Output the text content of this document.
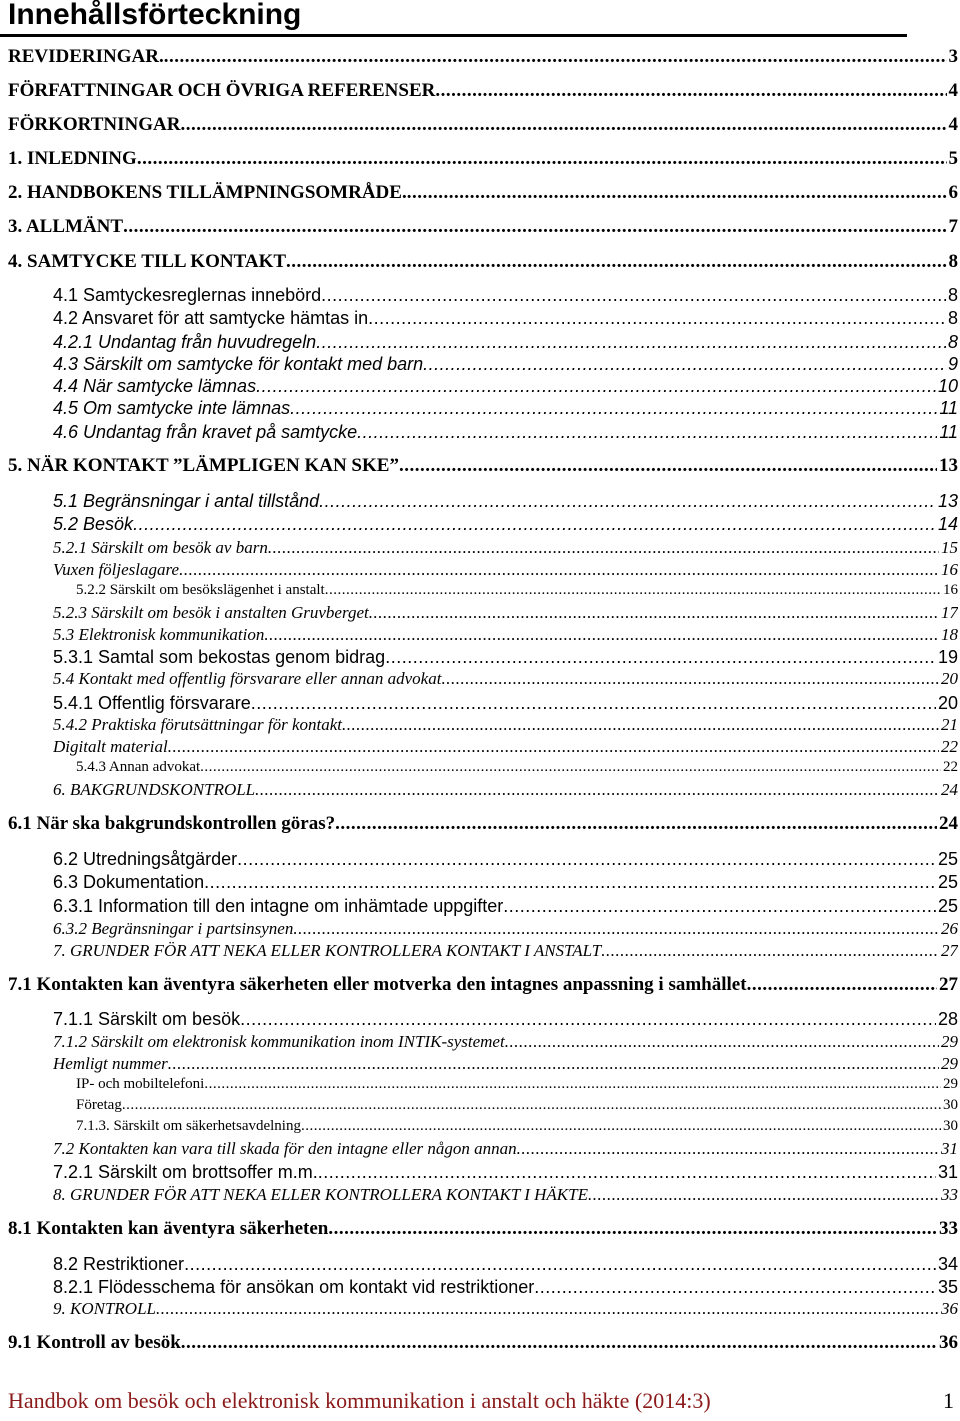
Innehållsförteckning
REVIDERINGAR. .....	3
FÖRFATTNINGAR OCH ÖVRIGA REFERENSER .....	4
FÖRKORTNINGAR .....	4
1. INLEDNING .....	5
2. HANDBOKENS TILLÄMPNINGSOMRÅDE. .....	6
3. ALLMÄNT .....	7
4. SAMTYCKE TILL KONTAKT .....	8
4.1 Samtyckesreglernas innebörd .....	8
4.2 Ansvaret för att samtycke hämtas in .....	8
4.2.1 Undantag från huvudregeln .....	8
4.3 Särskilt om samtycke för kontakt med barn .....	9
4.4 När samtycke lämnas .....	10
4.5 Om samtycke inte lämnas .....	11
4.6 Undantag från kravet på samtycke .....	11
5. NÄR KONTAKT ”LÄMPLIGEN KAN SKE” .....	13
5.1 Begränsningar i antal tillstånd .....	13
5.2 Besök .....	14
5.2.1 Särskilt om besök av barn .....	15
Vuxen följeslagare .....	16
5.2.2 Särskilt om besökslägenhet i anstalt .....	16
5.2.3 Särskilt om besök i anstalten Gruvberget .....	17
5.3 Elektronisk kommunikation .....	18
5.3.1 Samtal som bekostas genom bidrag .....	19
5.4 Kontakt med offentlig försvarare eller annan advokat .....	20
5.4.1 Offentlig försvarare .....	20
5.4.2 Praktiska förutsättningar för kontakt .....	21
Digitalt material .....	22
5.4.3 Annan advokat .....	22
6. BAKGRUNDSKONTROLL .....	24
6.1 När ska bakgrundskontrollen göras? .....	24
6.2 Utredningsåtgärder .....	25
6.3 Dokumentation .....	25
6.3.1 Information till den intagne om inhämtade uppgifter .....	25
6.3.2 Begränsningar i partsinsynen .....	26
7. GRUNDER FÖR ATT NEKA ELLER KONTROLLERA KONTAKT I ANSTALT .....	27
7.1 Kontakten kan äventyra säkerheten eller motverka den intagnes anpassning i samhället .....	27
7.1.1 Särskilt om besök .....	28
7.1.2 Särskilt om elektronisk kommunikation inom INTIK-systemet .....	29
Hemligt nummer .....	29
IP- och mobiltelefoni .....	29
Företag .....	30
7.1.3. Särskilt om säkerhetsavdelning .....	30
7.2 Kontakten kan vara till skada för den intagne eller någon annan .....	31
7.2.1 Särskilt om brottsoffer m.m. .....	31
8. GRUNDER FÖR ATT NEKA ELLER KONTROLLERA KONTAKT I HÄKTE .....	33
8.1 Kontakten kan äventyra säkerheten .....	33
8.2 Restriktioner .....	34
8.2.1 Flödesschema för ansökan om kontakt vid restriktioner .....	35
9. KONTROLL .....	36
9.1 Kontroll av besök .....	36
Handbok om besök och elektronisk kommunikation i anstalt och häkte (2014:3)	1
